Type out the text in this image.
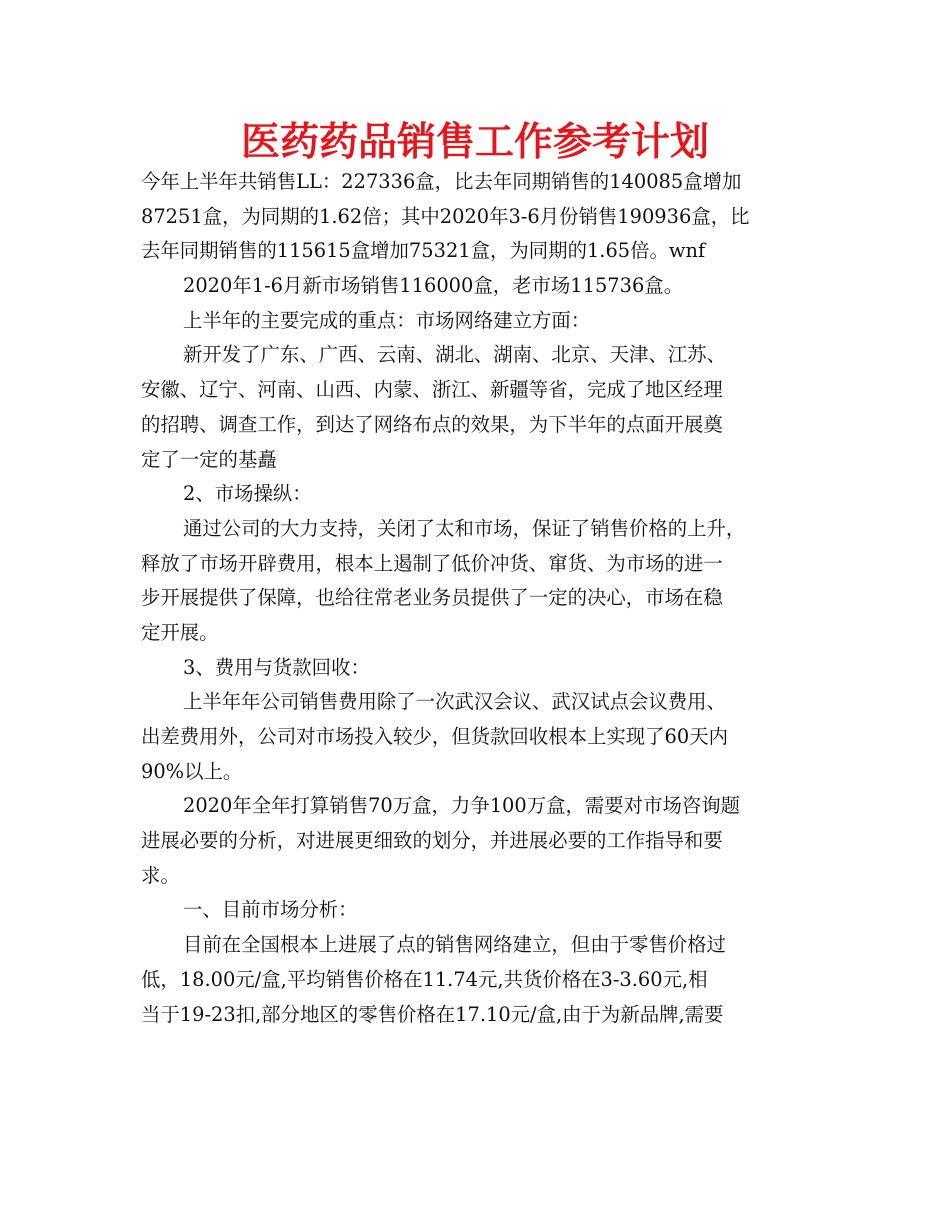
医药药品销售工作参考计划
今年上半年共销售LL：227336盒，比去年同期销售的140085盒增加
87251盒，为同期的1.62倍；其中2020年3-6月份销售190936盒，比
去年同期销售的115615盒增加75321盒，为同期的1.65倍。wnf
2020年1-6月新市场销售116000盒，老市场115736盒。
上半年的主要完成的重点：市场网络建立方面：
新开发了广东、广西、云南、湖北、湖南、北京、天津、江苏、
安徽、辽宁、河南、山西、内蒙、浙江、新疆等省，完成了地区经理
的招聘、调查工作，到达了网络布点的效果，为下半年的点面开展奠
定了一定的基矗
2、市场操纵：
通过公司的大力支持，关闭了太和市场，保证了销售价格的上升，
释放了市场开辟费用，根本上遏制了低价冲货、窜货、为市场的进一
步开展提供了保障，也给往常老业务员提供了一定的决心，市场在稳
定开展。
3、费用与货款回收：
上半年年公司销售费用除了一次武汉会议、武汉试点会议费用、
出差费用外，公司对市场投入较少，但货款回收根本上实现了60天内
90%以上。
2020年全年打算销售70万盒，力争100万盒，需要对市场咨询题
进展必要的分析，对进展更细致的划分，并进展必要的工作指导和要
求。
一、目前市场分析：
目前在全国根本上进展了点的销售网络建立，但由于零售价格过
低，18.00元/盒,平均销售价格在11.74元,共货价格在3-3.60元,相
当于19-23扣,部分地区的零售价格在17.10元/盒,由于为新品牌,需要
